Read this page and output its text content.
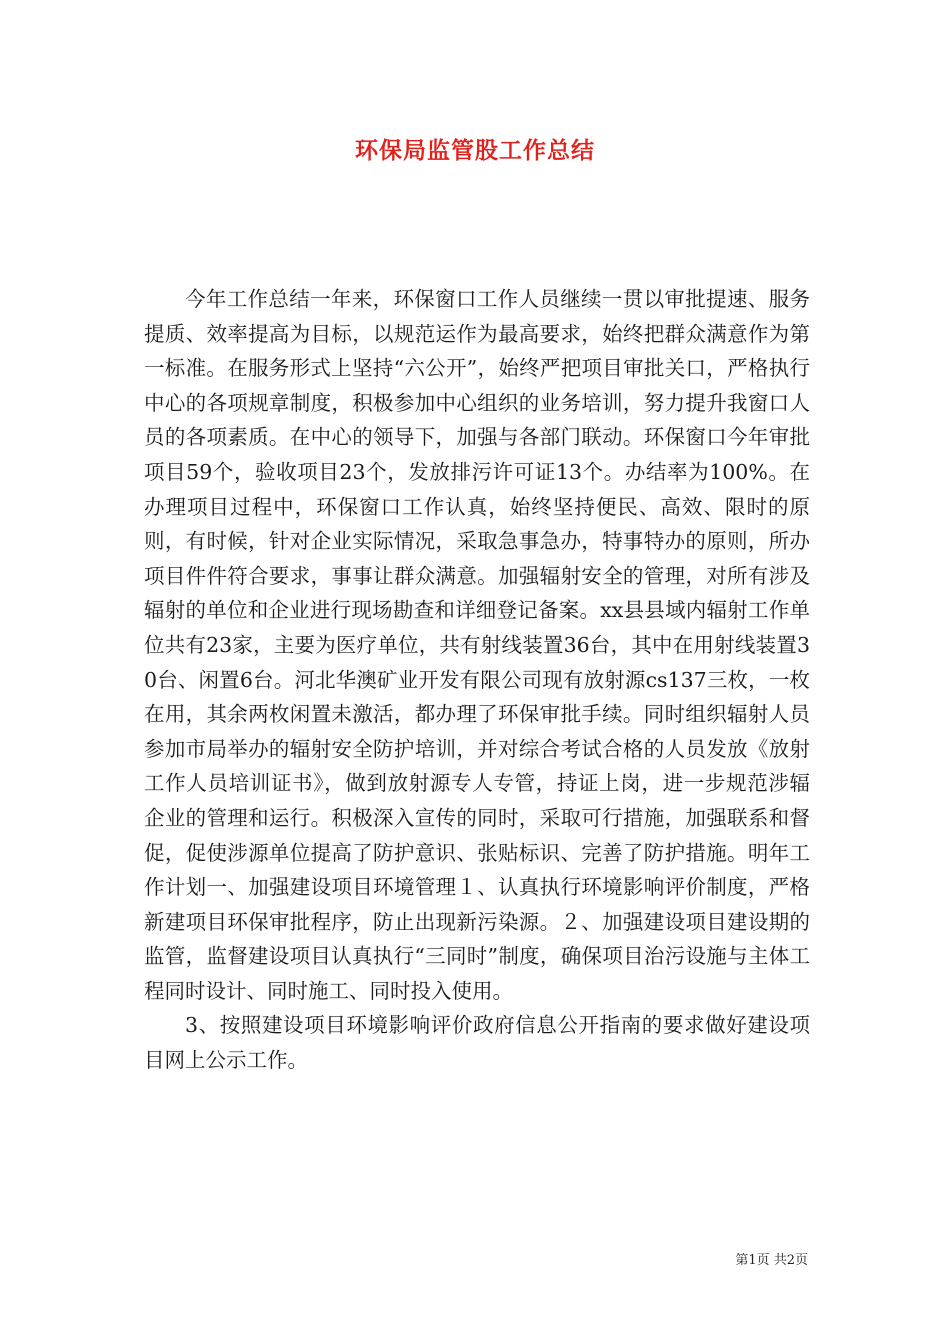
环保局监管股工作总结

今年工作总结一年来，环保窗口工作人员继续一贯以审批提速、服务提质、效率提高为目标，以规范运作为最高要求，始终把群众满意作为第一标准。在服务形式上坚持“六公开”，始终严把项目审批关口，严格执行中心的各项规章制度，积极参加中心组织的业务培训，努力提升我窗口人员的各项素质。在中心的领导下，加强与各部门联动。环保窗口今年审批项目59个，验收项目23个，发放排污许可证13个。办结率为100%。在办理项目过程中，环保窗口工作认真，始终坚持便民、高效、限时的原则，有时候，针对企业实际情况，采取急事急办，特事特办的原则，所办项目件件符合要求，事事让群众满意。加强辐射安全的管理，对所有涉及辐射的单位和企业进行现场勘查和详细登记备案。xx县县域内辐射工作单位共有23家，主要为医疗单位，共有射线装置36台，其中在用射线装置30台、闲置6台。河北华澳矿业开发有限公司现有放射源cs137三枚，一枚在用，其余两枚闲置未激活，都办理了环保审批手续。同时组织辐射人员参加市局举办的辐射安全防护培训，并对综合考试合格的人员发放《放射工作人员培训证书》，做到放射源专人专管，持证上岗，进一步规范涉辐企业的管理和运行。积极深入宣传的同时，采取可行措施，加强联系和督促，促使涉源单位提高了防护意识、张贴标识、完善了防护措施。明年工作计划一、加强建设项目环境管理１、认真执行环境影响评价制度，严格新建项目环保审批程序，防止出现新污染源。２、加强建设项目建设期的监管，监督建设项目认真执行“三同时”制度，确保项目治污设施与主体工程同时设计、同时施工、同时投入使用。

3、按照建设项目环境影响评价政府信息公开指南的要求做好建设项目网上公示工作。

第1页 共2页
